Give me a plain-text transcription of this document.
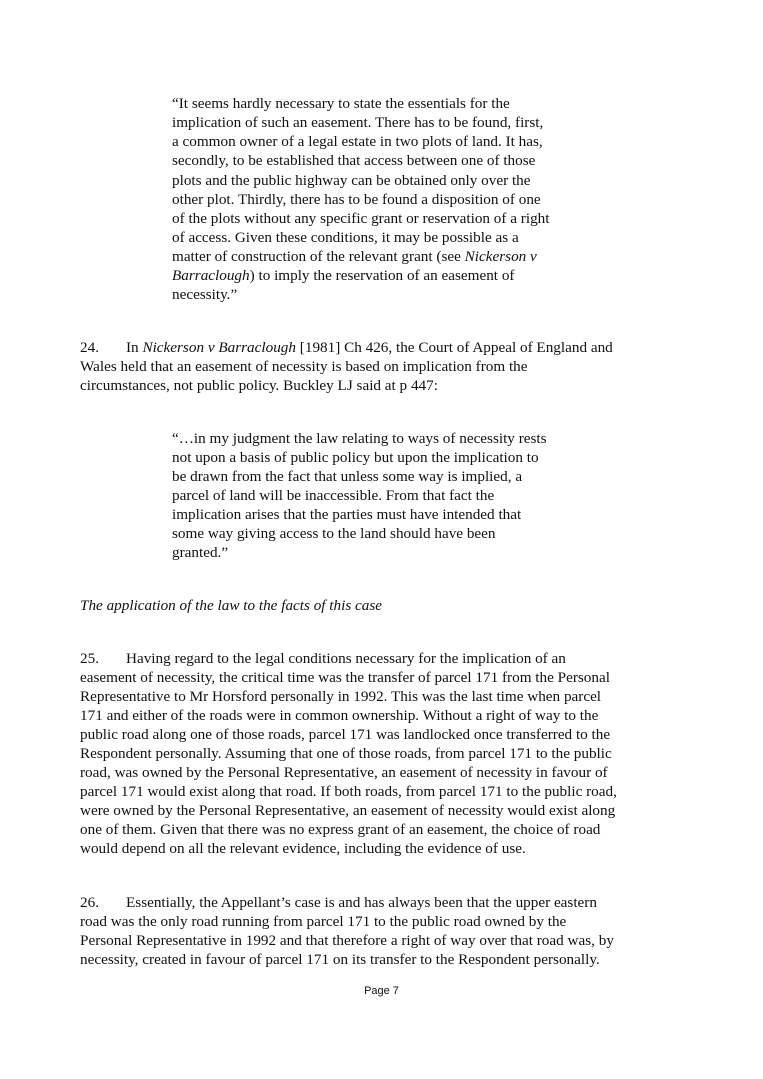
“It seems hardly necessary to state the essentials for the
implication of such an easement. There has to be found, first,
a common owner of a legal estate in two plots of land. It has,
secondly, to be established that access between one of those
plots and the public highway can be obtained only over the
other plot. Thirdly, there has to be found a disposition of one
of the plots without any specific grant or reservation of a right
of access. Given these conditions, it may be possible as a
matter of construction of the relevant grant (see Nickerson v
Barraclough) to imply the reservation of an easement of
necessity.”
24. In Nickerson v Barraclough [1981] Ch 426, the Court of Appeal of England and
Wales held that an easement of necessity is based on implication from the
circumstances, not public policy. Buckley LJ said at p 447:
“…in my judgment the law relating to ways of necessity rests
not upon a basis of public policy but upon the implication to
be drawn from the fact that unless some way is implied, a
parcel of land will be inaccessible. From that fact the
implication arises that the parties must have intended that
some way giving access to the land should have been
granted.”
The application of the law to the facts of this case
25. Having regard to the legal conditions necessary for the implication of an
easement of necessity, the critical time was the transfer of parcel 171 from the Personal
Representative to Mr Horsford personally in 1992. This was the last time when parcel
171 and either of the roads were in common ownership. Without a right of way to the
public road along one of those roads, parcel 171 was landlocked once transferred to the
Respondent personally. Assuming that one of those roads, from parcel 171 to the public
road, was owned by the Personal Representative, an easement of necessity in favour of
parcel 171 would exist along that road. If both roads, from parcel 171 to the public road,
were owned by the Personal Representative, an easement of necessity would exist along
one of them. Given that there was no express grant of an easement, the choice of road
would depend on all the relevant evidence, including the evidence of use.
26. Essentially, the Appellant’s case is and has always been that the upper eastern
road was the only road running from parcel 171 to the public road owned by the
Personal Representative in 1992 and that therefore a right of way over that road was, by
necessity, created in favour of parcel 171 on its transfer to the Respondent personally.
Page 7
